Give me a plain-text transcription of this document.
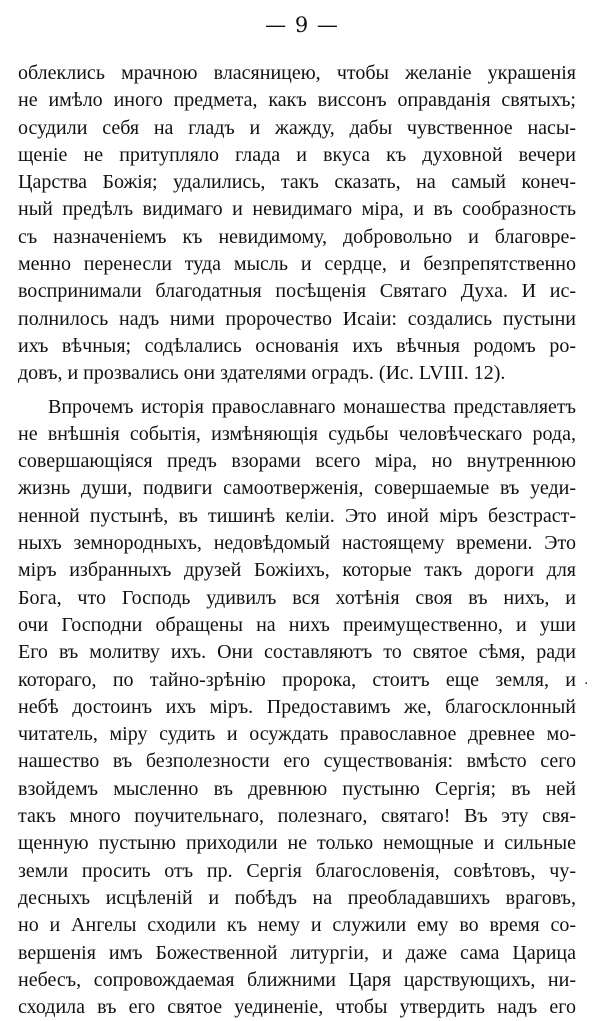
— 9 —
облеклись мрачною власяницею, чтобы желаніе украшенія
не имѣло иного предмета, какъ виссонъ оправданія святыхъ;
осудили себя на гладъ и жажду, дабы чувственное насы-
щеніе не притупляло глада и вкуса къ духовной вечери
Царства Божія; удалились, такъ сказать, на самый конеч-
ный предѣлъ видимаго и невидимаго міра, и въ сообразность
съ назначеніемъ къ невидимому, добровольно и благовре-
менно перенесли туда мысль и сердце, и безпрепятственно
воспринимали благодатныя посѣщенія Святаго Духа. И ис-
полнилось надъ ними пророчество Исаіи: создались пустыни
ихъ вѣчныя; содѣлались основанія ихъ вѣчныя родомъ ро-
довъ, и прозвались они здателями оградъ. (Ис. LVIII. 12).
Впрочемъ исторія православнаго монашества представляетъ
не внѣшнія событія, измѣняющія судьбы человѣческаго рода,
совершающіяся предъ взорами всего міра, но внутреннюю
жизнь души, подвиги самоотверженія, совершаемые въ уеди-
ненной пустынѣ, въ тишинѣ келіи. Это иной міръ безстраст-
ныхъ земнородныхъ, недовѣдомый настоящему времени. Это
міръ избранныхъ друзей Божіихъ, которые такъ дороги для
Бога, что Господь удивилъ вся хотѣнія своя въ нихъ, и
очи Господни обращены на нихъ преимущественно, и уши
Его въ молитву ихъ. Они составляютъ то святое сѣмя, ради
котораго, по тайно-зрѣнію пророка, стоитъ еще земля, и
небѣ достоинъ ихъ міръ. Предоставимъ же, благосклонный
читатель, міру судить и осуждать православное древнее мо-
нашество въ безполезности его существованія: вмѣсто сего
взойдемъ мысленно въ древнюю пустыню Сергія; въ ней
такъ много поучительнаго, полезнаго, святаго! Въ эту свя-
щенную пустыню приходили не только немощные и сильные
земли просить отъ пр. Сергія благословенія, совѣтовъ, чу-
десныхъ исцѣленій и побѣдъ на преобладавшихъ враговъ,
но и Ангелы сходили къ нему и служили ему во время со-
вершенія имъ Божественной литургіи, и даже сама Царица
небесъ, сопровождаемая ближними Царя царствующихъ, ни-
сходила въ его святое уединеніе, чтобы утвердить надъ его
·
